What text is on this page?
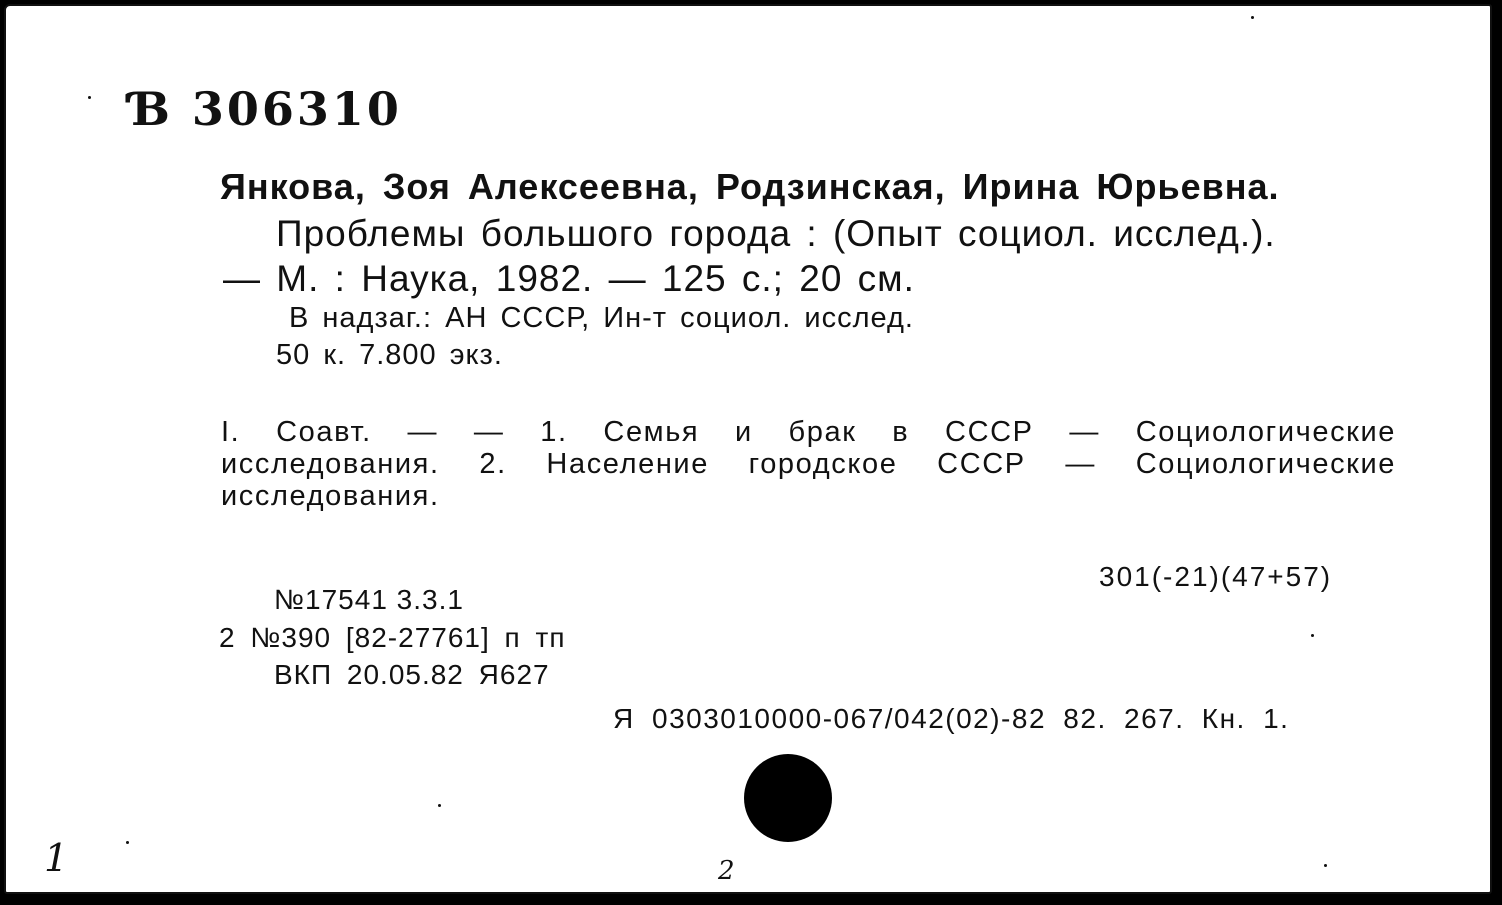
Ɓ 306310
Янкова, Зоя Алексеевна, Родзинская, Ирина Юрьевна.
Проблемы большого города : (Опыт социол. исслед.).
— М. : Наука, 1982. — 125 с.; 20 см.
В надзаг.: АН СССР, Ин-т социол. исслед.
50 к. 7.800 экз.
I. Соавт. — — 1. Семья и брак в СССР — Социологические исследования. 2. Население городское СССР — Социологические исследования.
301(-21)(47+57)
№17541 3.3.1
2 №390 [82-27761] п тп
ВКП 20.05.82 Я627
Я 0303010000-067/042(02)-82 82. 267. Кн. 1.
1	2
